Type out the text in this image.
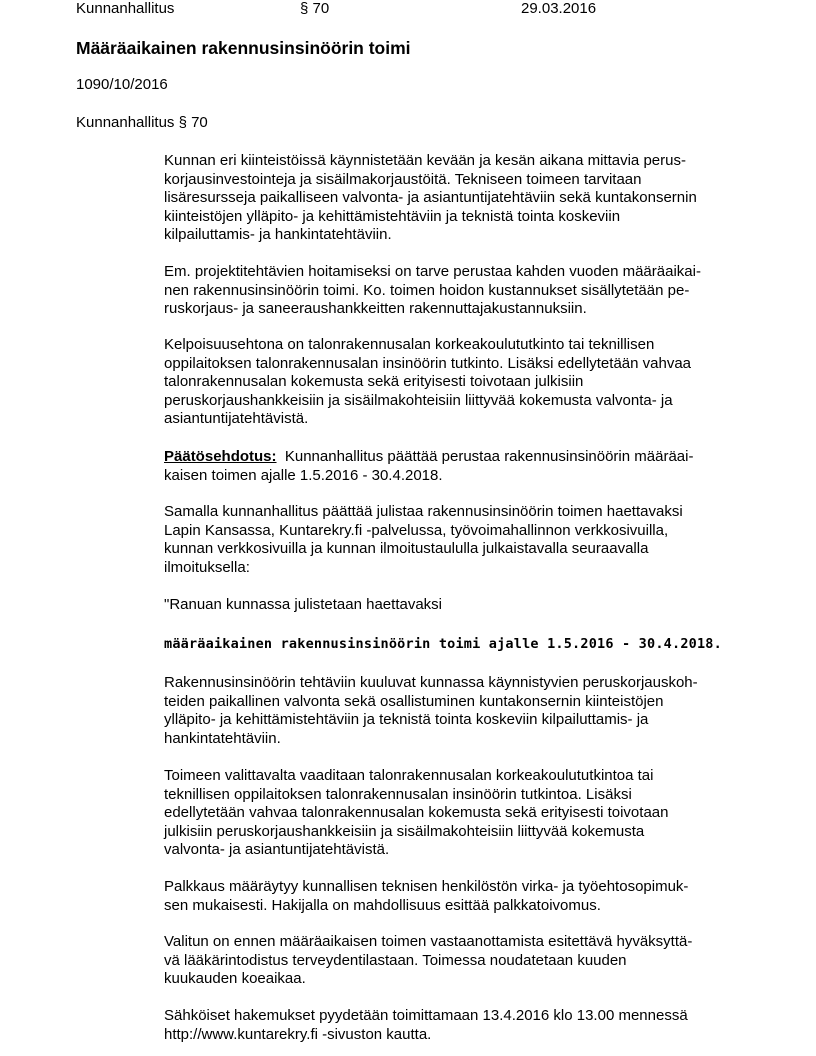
Kunnanhallitus	§ 70	29.03.2016
Määräaikainen rakennusinsinöörin toimi
1090/10/2016
Kunnanhallitus § 70
Kunnan eri kiinteistöissä käynnistetään kevään ja kesän aikana mittavia perus-
korjausinvestointeja ja sisäilmakorjaustöitä. Tekniseen toimeen tarvitaan
lisäresursseja paikalliseen valvonta- ja asiantuntijatehtäviin sekä kuntakonsernin
kiinteistöjen ylläpito- ja kehittämistehtäviin ja teknistä tointa koskeviin
kilpailuttamis- ja hankintatehtäviin.
Em. projektitehtävien hoitamiseksi on tarve perustaa kahden vuoden määräaikai-
nen rakennusinsinöörin toimi. Ko. toimen hoidon kustannukset sisällytetään pe-
ruskorjaus- ja saneeraushankkeitten rakennuttajakustannuksiin.
Kelpoisuusehtona on talonrakennusalan korkeakoulututkinto tai teknillisen
oppilaitoksen talonrakennusalan insinöörin tutkinto. Lisäksi edellytetään vahvaa
talonrakennusalan kokemusta sekä erityisesti toivotaan julkisiin
peruskorjaushankkeisiin ja sisäilmakohteisiin liittyvää kokemusta valvonta- ja
asiantuntijatehtävistä.
Päätösehdotus: Kunnanhallitus päättää perustaa rakennusinsinöörin määräai-
kaisen toimen ajalle 1.5.2016 - 30.4.2018.
Samalla kunnanhallitus päättää julistaa rakennusinsinöörin toimen haettavaksi
Lapin Kansassa, Kuntarekry.fi -palvelussa, työvoimahallinnon verkkosivuilla,
kunnan verkkosivuilla ja kunnan ilmoitustaululla julkaistavalla seuraavalla
ilmoituksella:
"Ranuan kunnassa julistetaan haettavaksi
määräaikainen rakennusinsinöörin toimi ajalle 1.5.2016 - 30.4.2018.
Rakennusinsinöörin tehtäviin kuuluvat kunnassa käynnistyvien peruskorjauskoh-
teiden paikallinen valvonta sekä osallistuminen kuntakonsernin kiinteistöjen
ylläpito- ja kehittämistehtäviin ja teknistä tointa koskeviin kilpailuttamis- ja
hankintatehtäviin.
Toimeen valittavalta vaaditaan talonrakennusalan korkeakoulututkintoa tai
teknillisen oppilaitoksen talonrakennusalan insinöörin tutkintoa. Lisäksi
edellytetään vahvaa talonrakennusalan kokemusta sekä erityisesti toivotaan
julkisiin peruskorjaushankkeisiin ja sisäilmakohteisiin liittyvää kokemusta
valvonta- ja asiantuntijatehtävistä.
Palkkaus määräytyy kunnallisen teknisen henkilöstön virka- ja työehtosopimuk-
sen mukaisesti. Hakijalla on mahdollisuus esittää palkkatoivomus.
Valitun on ennen määräaikaisen toimen vastaanottamista esitettävä hyväksyttä-
vä lääkärintodistus terveydentilastaan. Toimessa noudatetaan kuuden
kuukauden koeaikaa.
Sähköiset hakemukset pyydetään toimittamaan 13.4.2016 klo 13.00 mennessä
http://www.kuntarekry.fi -sivuston kautta.
